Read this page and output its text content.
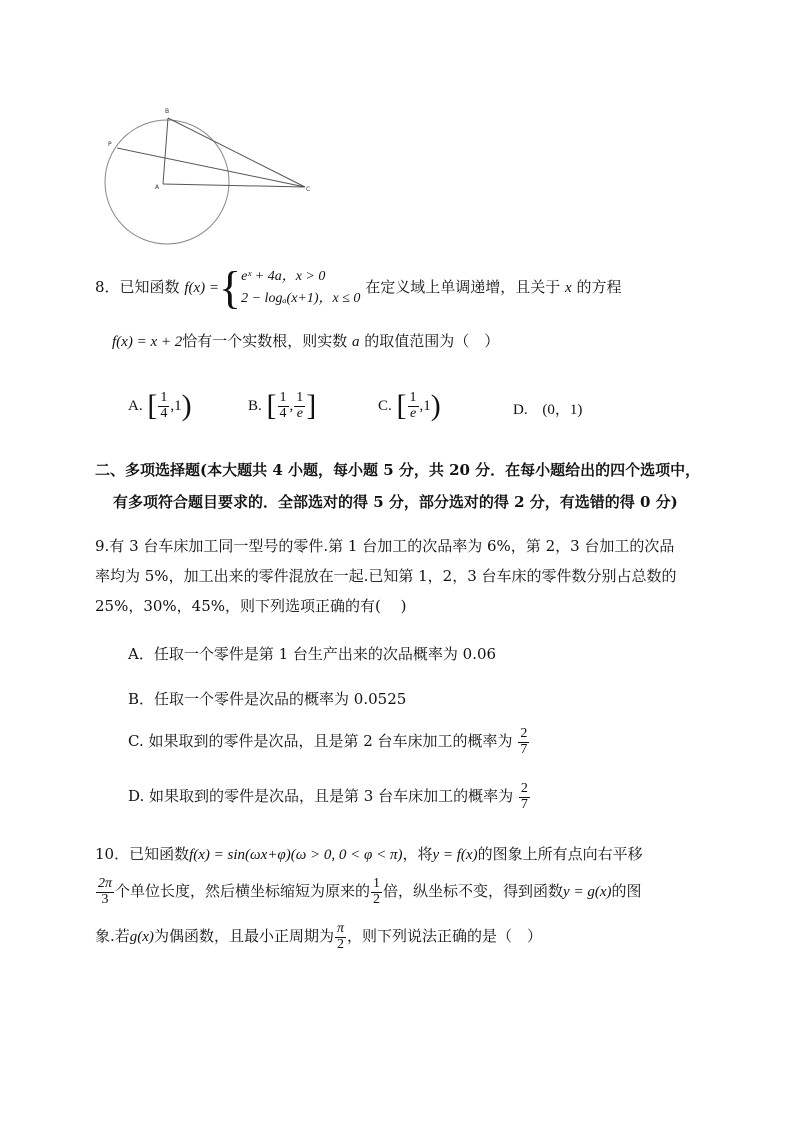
B
P
A	C
8．已知函数 f(x) ={ eˣ + 4a，x > 0
2 − logₐ(x+1)，x ≤ 0
在定义域上单调递增，且关于 x 的方程
f(x) = x + 2恰有一个实数根，则实数 a 的取值范围为（　）
A. [ $\frac{1}{4} ,1$)	B. [ $\frac{1}{4}$ , $\frac{1}{e}$ ]	C. [ $\frac{1}{e} ,1$)	D. (0，1)
二、多项选择题(本大题共 4 小题，每小题 5 分，共 20 分．在每小题给出的四个选项中，
有多项符合题目要求的．全部选对的得 5 分，部分选对的得 2 分，有选错的得 0 分)
9.有 3 台车床加工同一型号的零件.第 1 台加工的次品率为 6%，第 2，3 台加工的次品
率均为 5%，加工出来的零件混放在一起.已知第 1，2，3 台车床的零件数分别占总数的
25%，30%，45%，则下列选项正确的有(　 )
A．任取一个零件是第 1 台生产出来的次品概率为 0.06
B．任取一个零件是次品的概率为 0.0525
C. 如果取到的零件是次品，且是第 2 台车床加工的概率为 $\frac{2}{7}$
D. 如果取到的零件是次品，且是第 3 台车床加工的概率为 $\frac{2}{7}$
10．已知函数f(x) = sin(ωx+φ)(ω > 0, 0 < φ < π)，将y = f(x)的图象上所有点向右平移
$\frac{2\pi}{3}$ 个单位长度，然后横坐标缩短为原来的 $\frac{1}{2}$ 倍，纵坐标不变，得到函数y = g(x)的图
象.若g(x)为偶函数，且最小正周期为 $\frac{\pi}{2}$ ，则下列说法正确的是（　）
